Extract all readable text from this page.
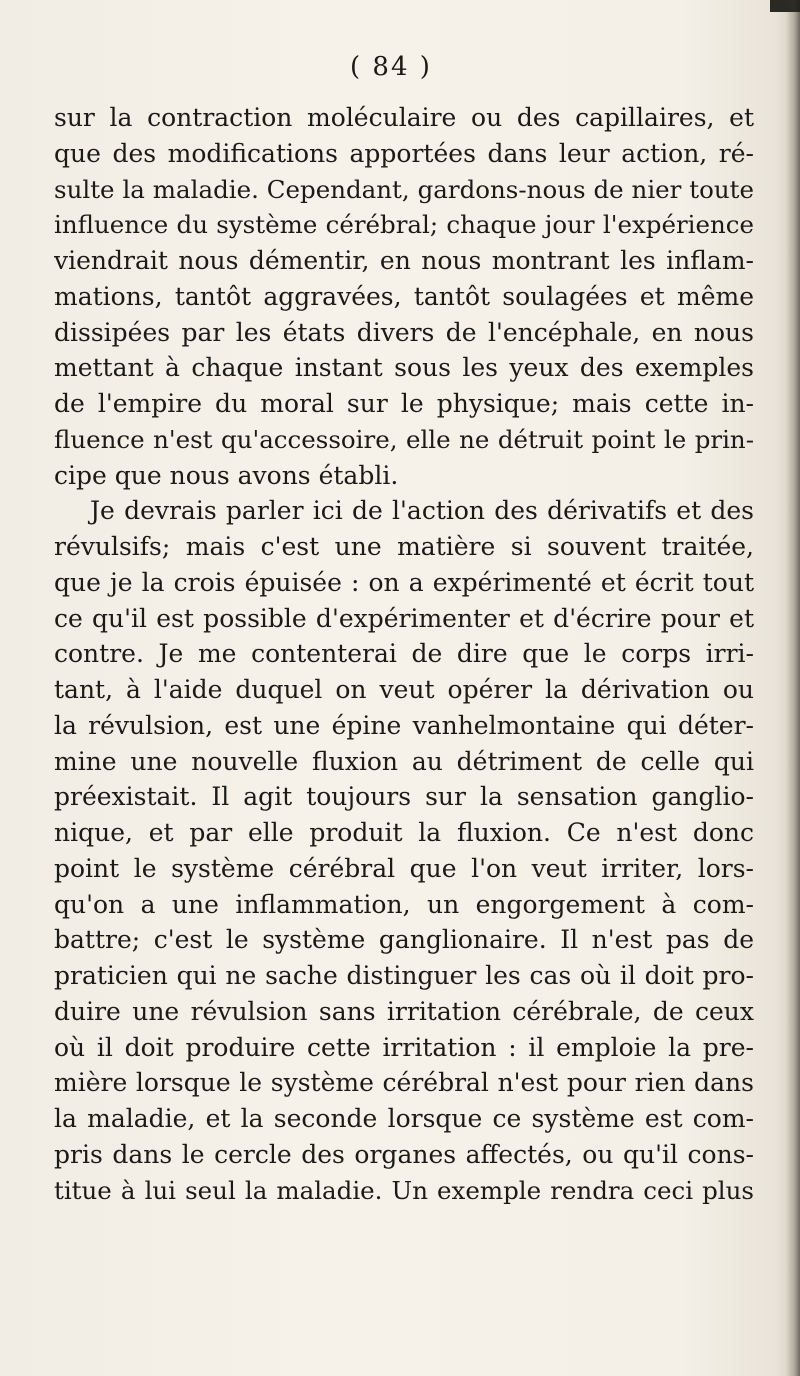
( 84 )
sur la contraction moléculaire ou des capillaires, et
que des modifications apportées dans leur action, ré-
sulte la maladie. Cependant, gardons-nous de nier toute
influence du système cérébral; chaque jour l'expérience
viendrait nous démentir, en nous montrant les inflam-
mations, tantôt aggravées, tantôt soulagées et même
dissipées par les états divers de l'encéphale, en nous
mettant à chaque instant sous les yeux des exemples
de l'empire du moral sur le physique; mais cette in-
fluence n'est qu'accessoire, elle ne détruit point le prin-
cipe que nous avons établi.
Je devrais parler ici de l'action des dérivatifs et des
révulsifs; mais c'est une matière si souvent traitée,
que je la crois épuisée : on a expérimenté et écrit tout
ce qu'il est possible d'expérimenter et d'écrire pour et
contre. Je me contenterai de dire que le corps irri-
tant, à l'aide duquel on veut opérer la dérivation ou
la révulsion, est une épine vanhelmontaine qui déter-
mine une nouvelle fluxion au détriment de celle qui
préexistait. Il agit toujours sur la sensation ganglio-
nique, et par elle produit la fluxion. Ce n'est donc
point le système cérébral que l'on veut irriter, lors-
qu'on a une inflammation, un engorgement à com-
battre; c'est le système ganglionaire. Il n'est pas de
praticien qui ne sache distinguer les cas où il doit pro-
duire une révulsion sans irritation cérébrale, de ceux
où il doit produire cette irritation : il emploie la pre-
mière lorsque le système cérébral n'est pour rien dans
la maladie, et la seconde lorsque ce système est com-
pris dans le cercle des organes affectés, ou qu'il cons-
titue à lui seul la maladie. Un exemple rendra ceci plus
